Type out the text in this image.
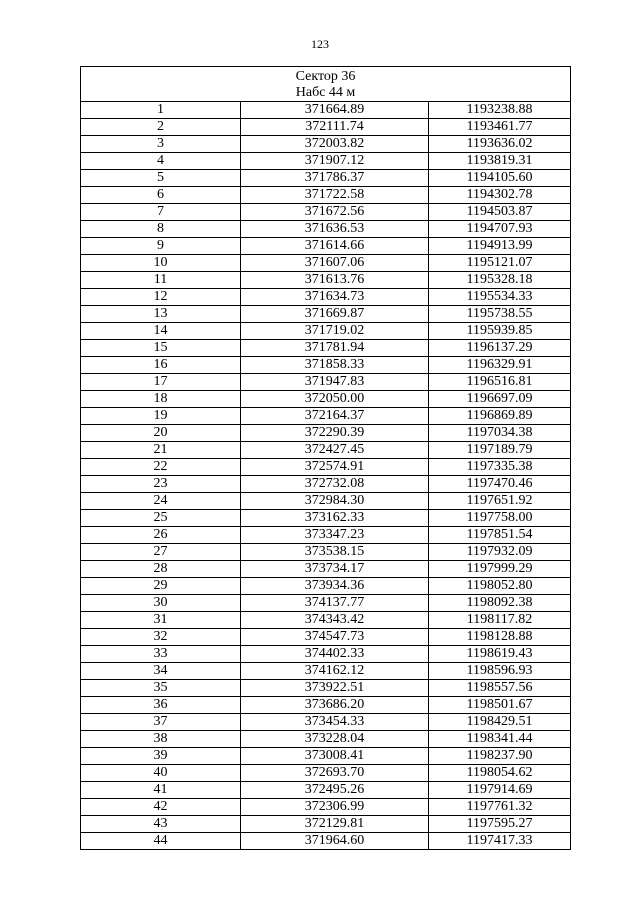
123
Сектор 36
Набс 44 м		

1	371664.89	1193238.88
2	372111.74	1193461.77
3	372003.82	1193636.02
4	371907.12	1193819.31
5	371786.37	1194105.60
6	371722.58	1194302.78
7	371672.56	1194503.87
8	371636.53	1194707.93
9	371614.66	1194913.99
10	371607.06	1195121.07
11	371613.76	1195328.18
12	371634.73	1195534.33
13	371669.87	1195738.55
14	371719.02	1195939.85
15	371781.94	1196137.29
16	371858.33	1196329.91
17	371947.83	1196516.81
18	372050.00	1196697.09
19	372164.37	1196869.89
20	372290.39	1197034.38
21	372427.45	1197189.79
22	372574.91	1197335.38
23	372732.08	1197470.46
24	372984.30	1197651.92
25	373162.33	1197758.00
26	373347.23	1197851.54
27	373538.15	1197932.09
28	373734.17	1197999.29
29	373934.36	1198052.80
30	374137.77	1198092.38
31	374343.42	1198117.82
32	374547.73	1198128.88
33	374402.33	1198619.43
34	374162.12	1198596.93
35	373922.51	1198557.56
36	373686.20	1198501.67
37	373454.33	1198429.51
38	373228.04	1198341.44
39	373008.41	1198237.90
40	372693.70	1198054.62
41	372495.26	1197914.69
42	372306.99	1197761.32
43	372129.81	1197595.27
44	371964.60	1197417.33
